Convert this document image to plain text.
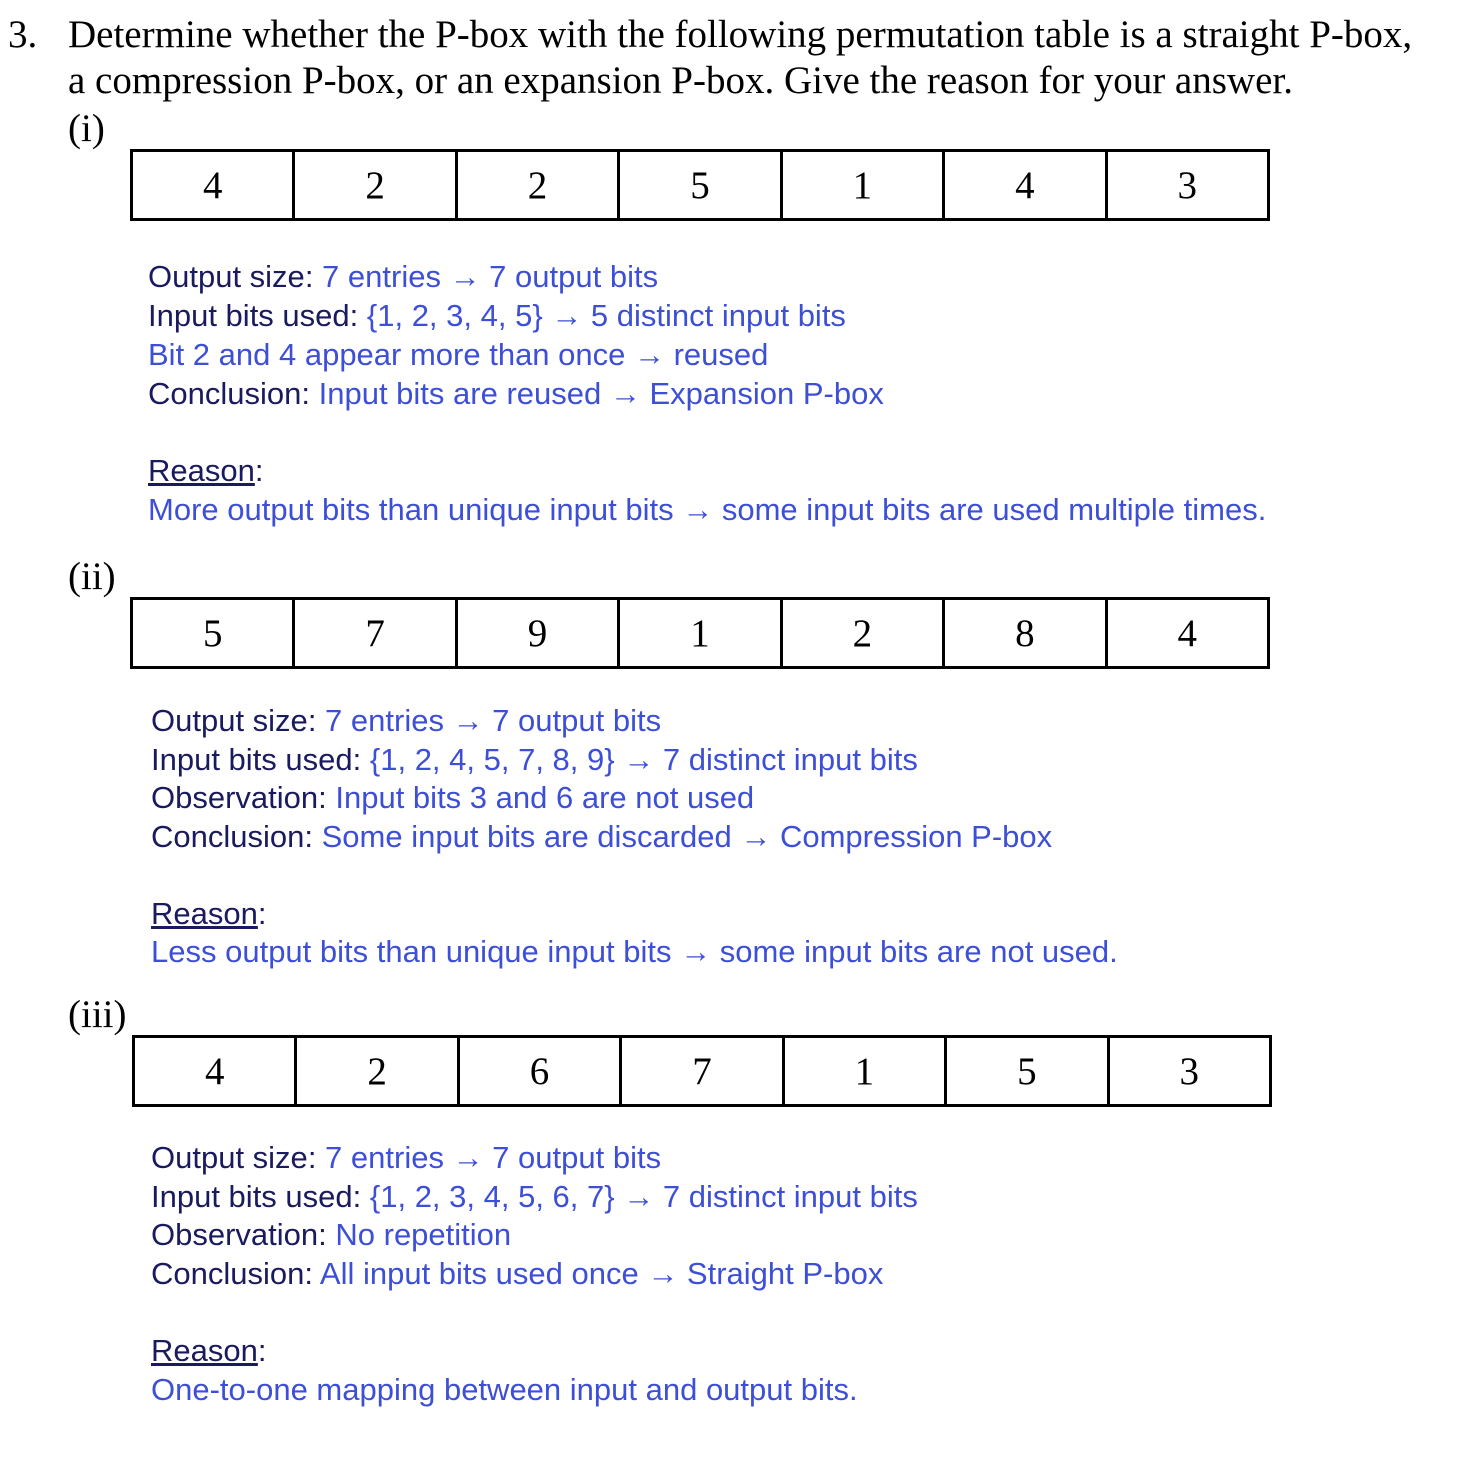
3. Determine whether the P-box with the following permutation table is a straight P-box,
a compression P-box, or an expansion P-box. Give the reason for your answer.
(i)
4	2	2	5	1	4	3
Output size: 7 entries → 7 output bits
Input bits used: {1, 2, 3, 4, 5} → 5 distinct input bits
Bit 2 and 4 appear more than once → reused
Conclusion: Input bits are reused → Expansion P-box
Reason:
More output bits than unique input bits → some input bits are used multiple times.
(ii)
5	7	9	1	2	8	4
Output size: 7 entries → 7 output bits
Input bits used: {1, 2, 4, 5, 7, 8, 9} → 7 distinct input bits
Observation: Input bits 3 and 6 are not used
Conclusion: Some input bits are discarded → Compression P-box
Reason:
Less output bits than unique input bits → some input bits are not used.
(iii)
4	2	6	7	1	5	3
Output size: 7 entries → 7 output bits
Input bits used: {1, 2, 3, 4, 5, 6, 7} → 7 distinct input bits
Observation: No repetition
Conclusion: All input bits used once → Straight P-box
Reason:
One-to-one mapping between input and output bits.
